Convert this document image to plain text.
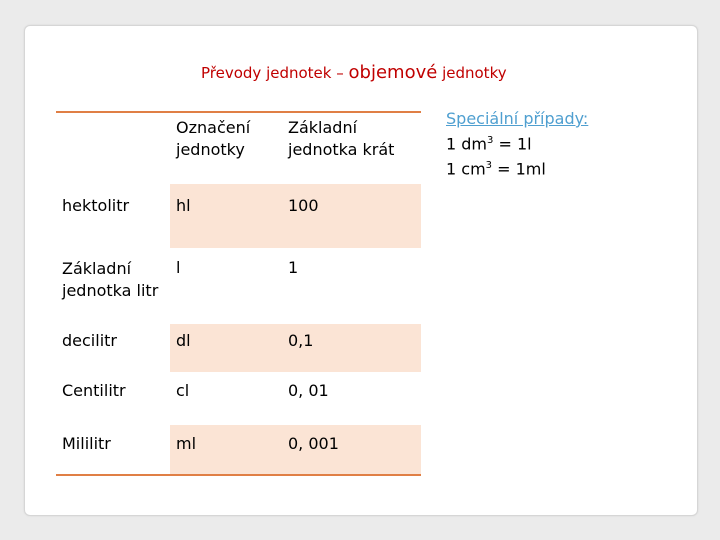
Převody jednotek – objemové jednotky
	Označení jednotky	Základní jednotka krát
hektolitr	hl	100
Základní jednotka litr	l	1
decilitr	dl	0,1
Centilitr	cl	0, 01
Mililitr	ml	0, 001
Speciální případy:
1 $dm^3 = 1l$
1 $cm^3 = 1ml$
